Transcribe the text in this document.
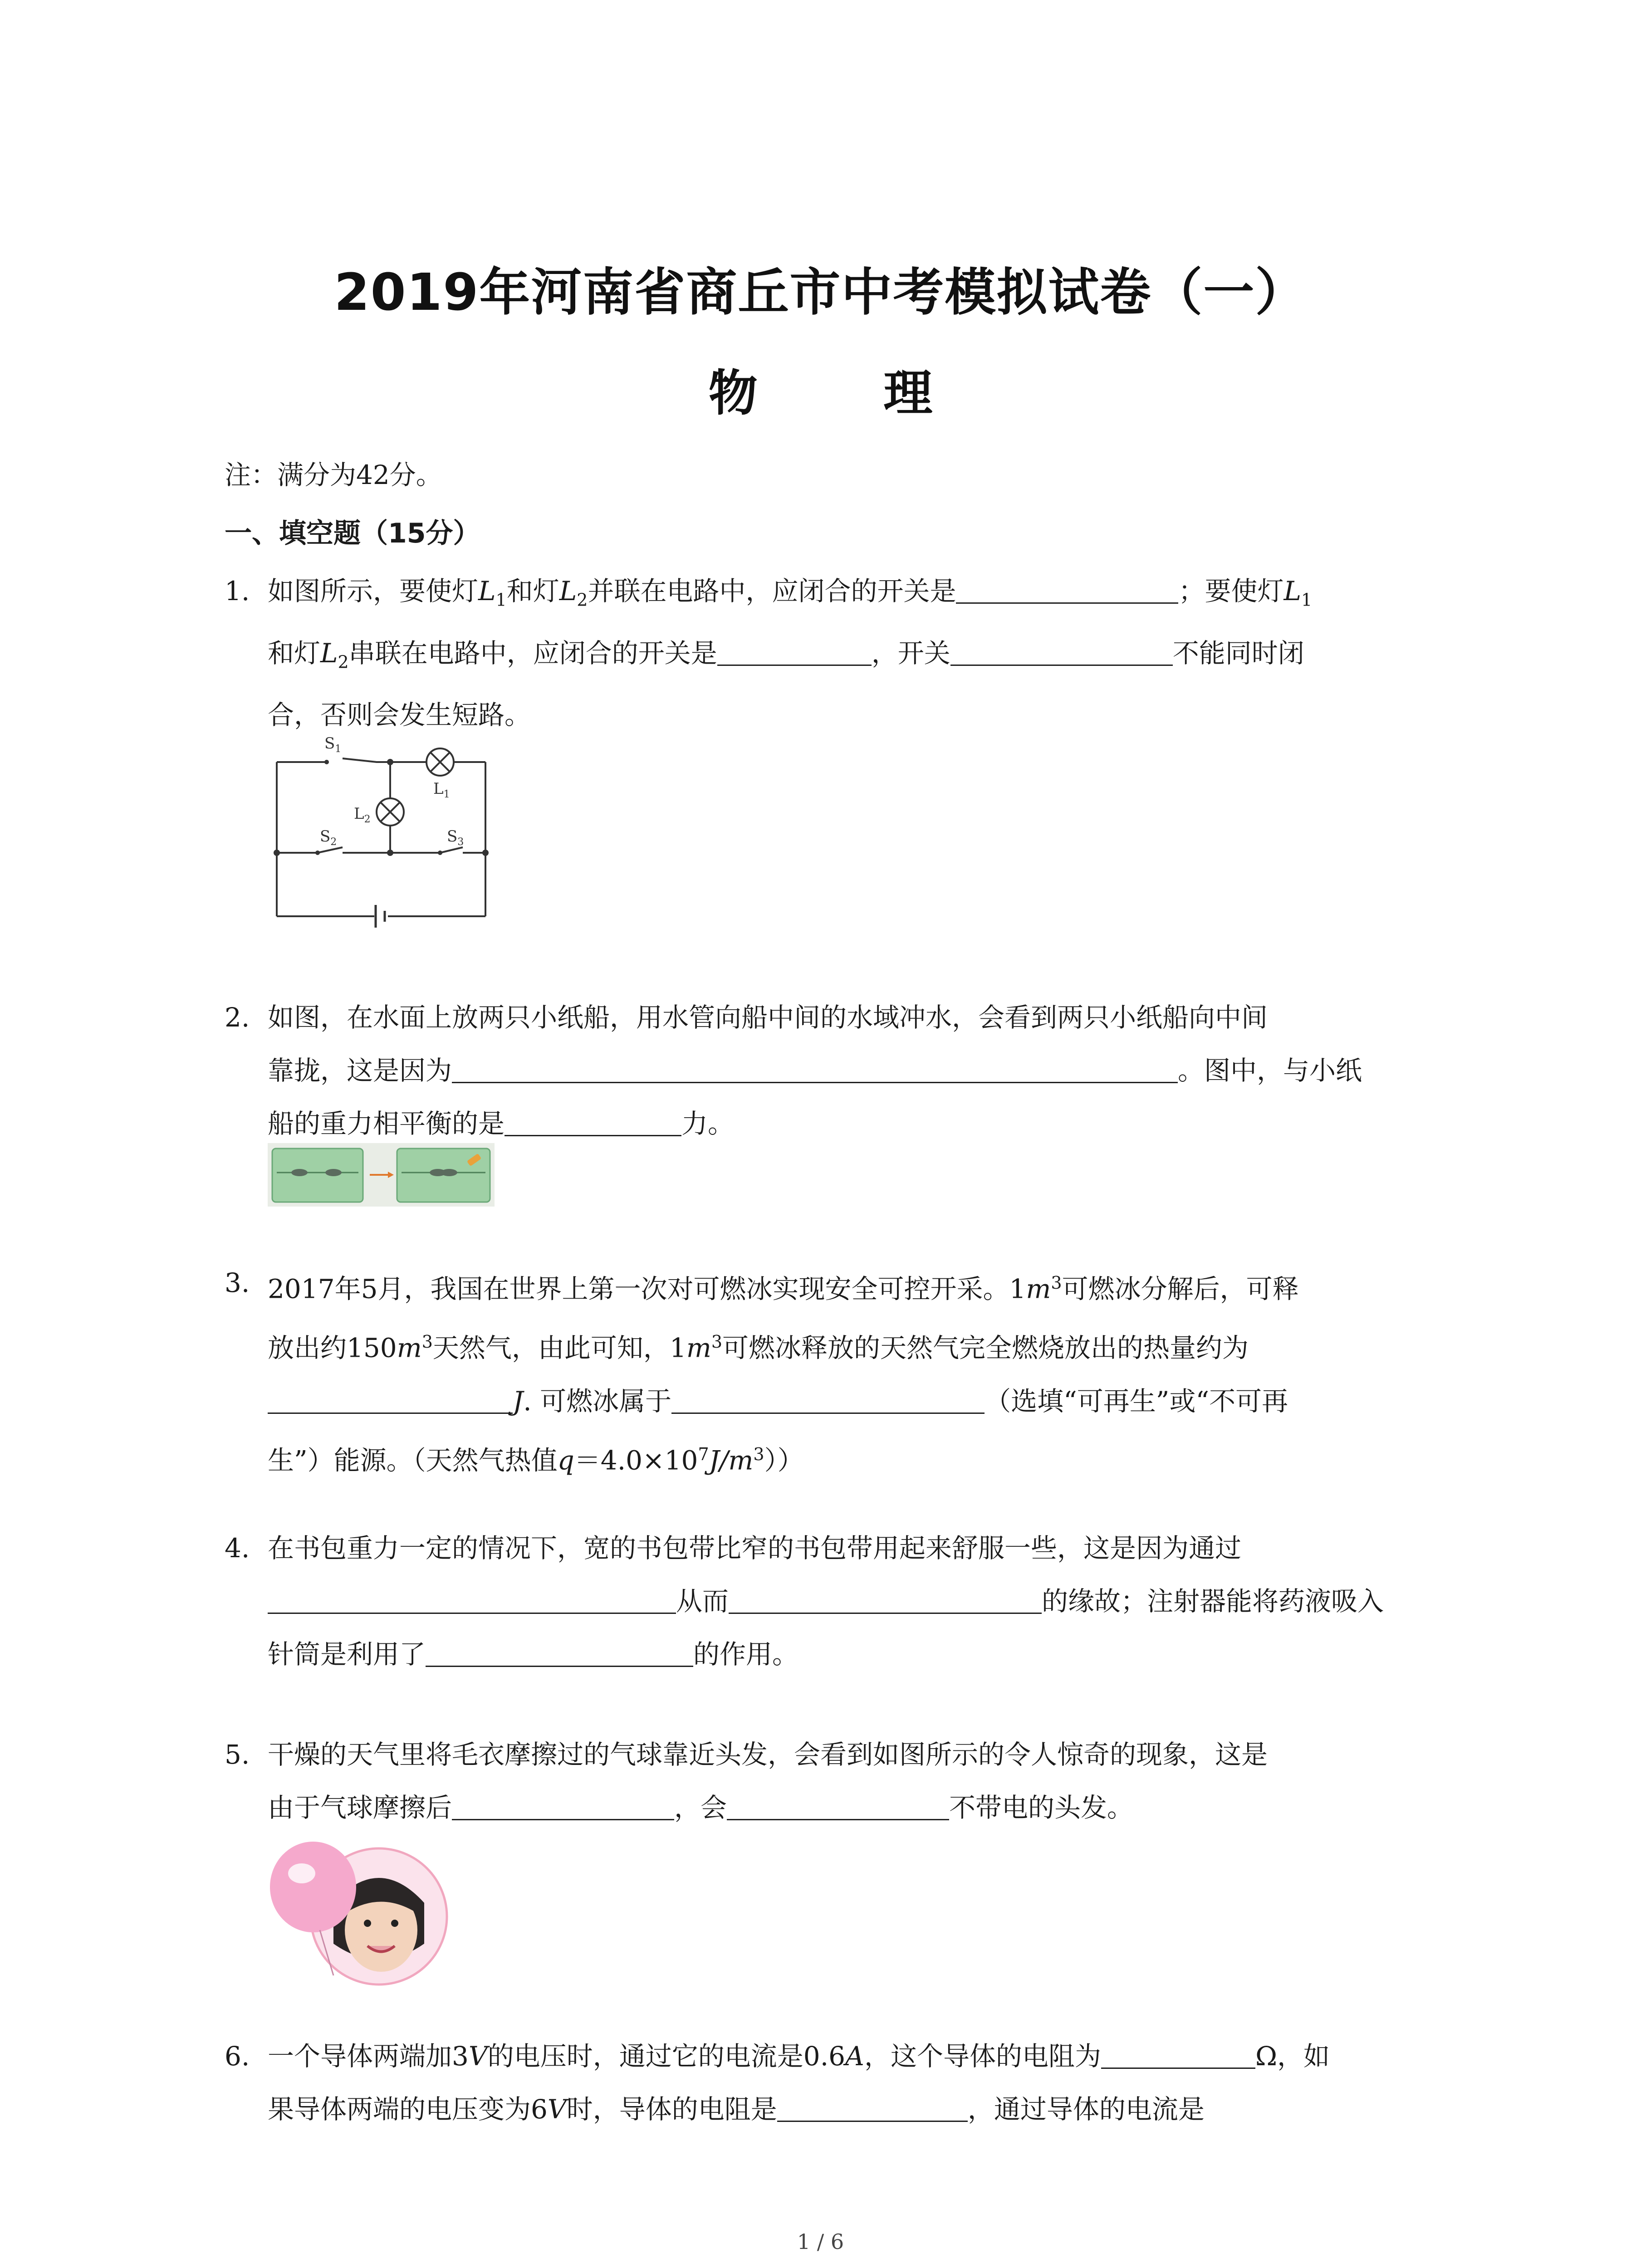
2019年河南省商丘市中考模拟试卷（一）
物 理
注：满分为42分。
一、填空题（15分）
1. 如图所示，要使灯$L_1$和灯$L_2$并联在电路中，应闭合的开关是	；要使灯$L_1$
和灯$L_2$串联在电路中，应闭合的开关是	，开关	不能同时闭
合，否则会发生短路。
$S_1$
$L_2$
$L_1$
$S_2$	$S_3$
2. 如图，在水面上放两只小纸船，用水管向船中间的水域冲水，会看到两只小纸船向中间
靠拢，这是因为	。图中，与小纸
船的重力相平衡的是	力。
3. 2017年5月，我国在世界上第一次对可燃冰实现安全可控开采。$1m^3$可燃冰分解后，可释
放出约$150m^3$天然气，由此可知，$1m^3$可燃冰释放的天然气完全燃烧放出的热量约为
J. 可燃冰属于	（选填“可再生”或“不可再
生”）能源。（天然气热值$q=4.0\times 10^7J/m^3$））
4. 在书包重力一定的情况下，宽的书包带比窄的书包带用起来舒服一些，这是因为通过
从而	的缘故；注射器能将药液吸入
针筒是利用了	的作用。
5. 干燥的天气里将毛衣摩擦过的气球靠近头发，会看到如图所示的令人惊奇的现象，这是
由于气球摩擦后	，会	不带电的头发。
6. 一个导体两端加3V的电压时，通过它的电流是0.6A，这个导体的电阻为	Ω，如
果导体两端的电压变为6V时，导体的电阻是	，通过导体的电流是
1 / 6
